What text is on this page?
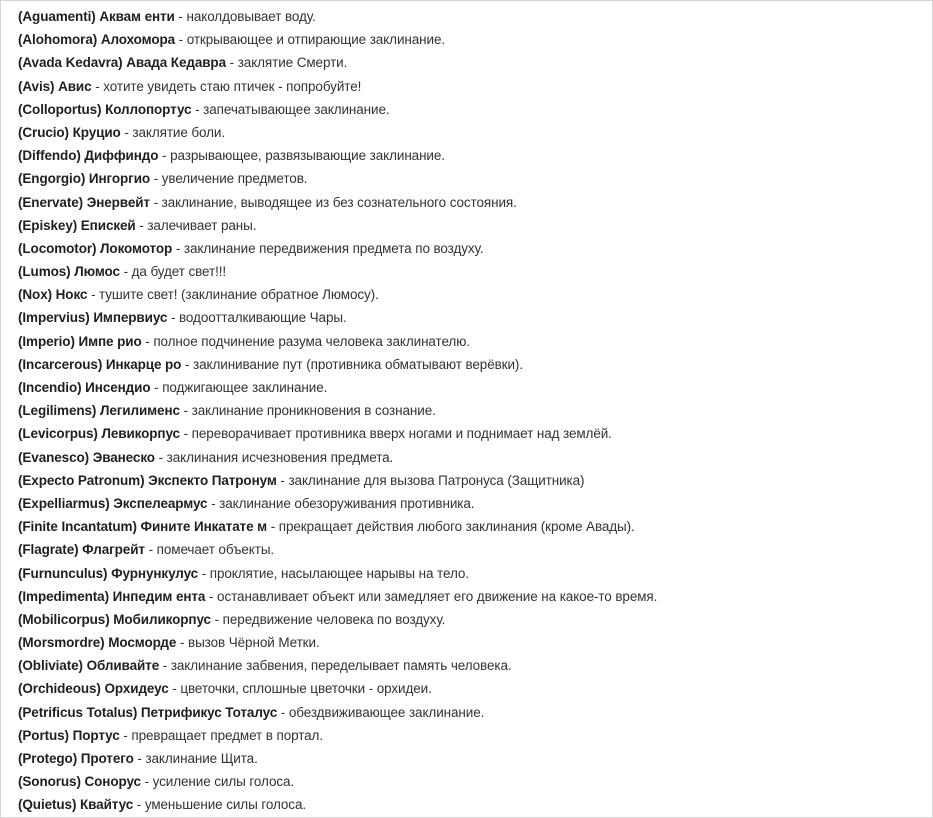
(Aguamenti) Аквам енти - наколдовывает воду.
(Alohomora) Алохомора - открывающее и отпирающие заклинание.
(Avada Kedavra) Авада Кедавра - заклятие Смерти.
(Avis) Авис - хотите увидеть стаю птичек - попробуйте!
(Colloportus) Коллопортус - запечатывающее заклинание.
(Crucio) Круцио - заклятие боли.
(Diffendo) Диффиндо - разрывающее, развязывающие заклинание.
(Engorgio) Ингоргио - увеличение предметов.
(Enervate) Энервейт - заклинание, выводящее из без сознательного состояния.
(Episkey) Епискей - залечивает раны.
(Locomotor) Локомотор - заклинание передвижения предмета по воздуху.
(Lumos) Люмос - да будет свет!!!
(Nox) Нокс - тушите свет! (заклинание обратное Люмосу).
(Impervius) Импервиус - водоотталкивающие Чары.
(Imperio) Импе рио - полное подчинение разума человека заклинателю.
(Incarcerous) Инкарце ро - заклинивание пут (противника обматывают верёвки).
(Incendio) Инсендио - поджигающее заклинание.
(Legilimens) Легилименс - заклинание проникновения в сознание.
(Levicorpus) Левикорпус - переворачивает противника вверх ногами и поднимает над землёй.
(Evanesco) Эванеско - заклинания исчезновения предмета.
(Expecto Patronum) Экспекто Патронум - заклинание для вызова Патронуса (Защитника)
(Expelliarmus) Экспелеармус - заклинание обезоруживания противника.
(Finite Incantatum) Фините Инкатате м - прекращает действия любого заклинания (кроме Авады).
(Flagrate) Флагрейт - помечает объекты.
(Furnunculus) Фурнункулус - проклятие, насылающее нарывы на тело.
(Impedimenta) Инпедим ента - останавливает объект или замедляет его движение на какое-то время.
(Mobilicorpus) Мобиликорпус - передвижение человека по воздуху.
(Morsmordre) Мосморде - вызов Чёрной Метки.
(Obliviate) Обливайте - заклинание забвения, переделывает память человека.
(Orchideous) Орхидеус - цветочки, сплошные цветочки - орхидеи.
(Petrificus Totalus) Петрификус Тоталус - обездвиживающее заклинание.
(Portus) Портус - превращает предмет в портал.
(Protego) Протего - заклинание Щита.
(Sonorus) Сонорус - усиление силы голоса.
(Quietus) Квайтус - уменьшение силы голоса.
